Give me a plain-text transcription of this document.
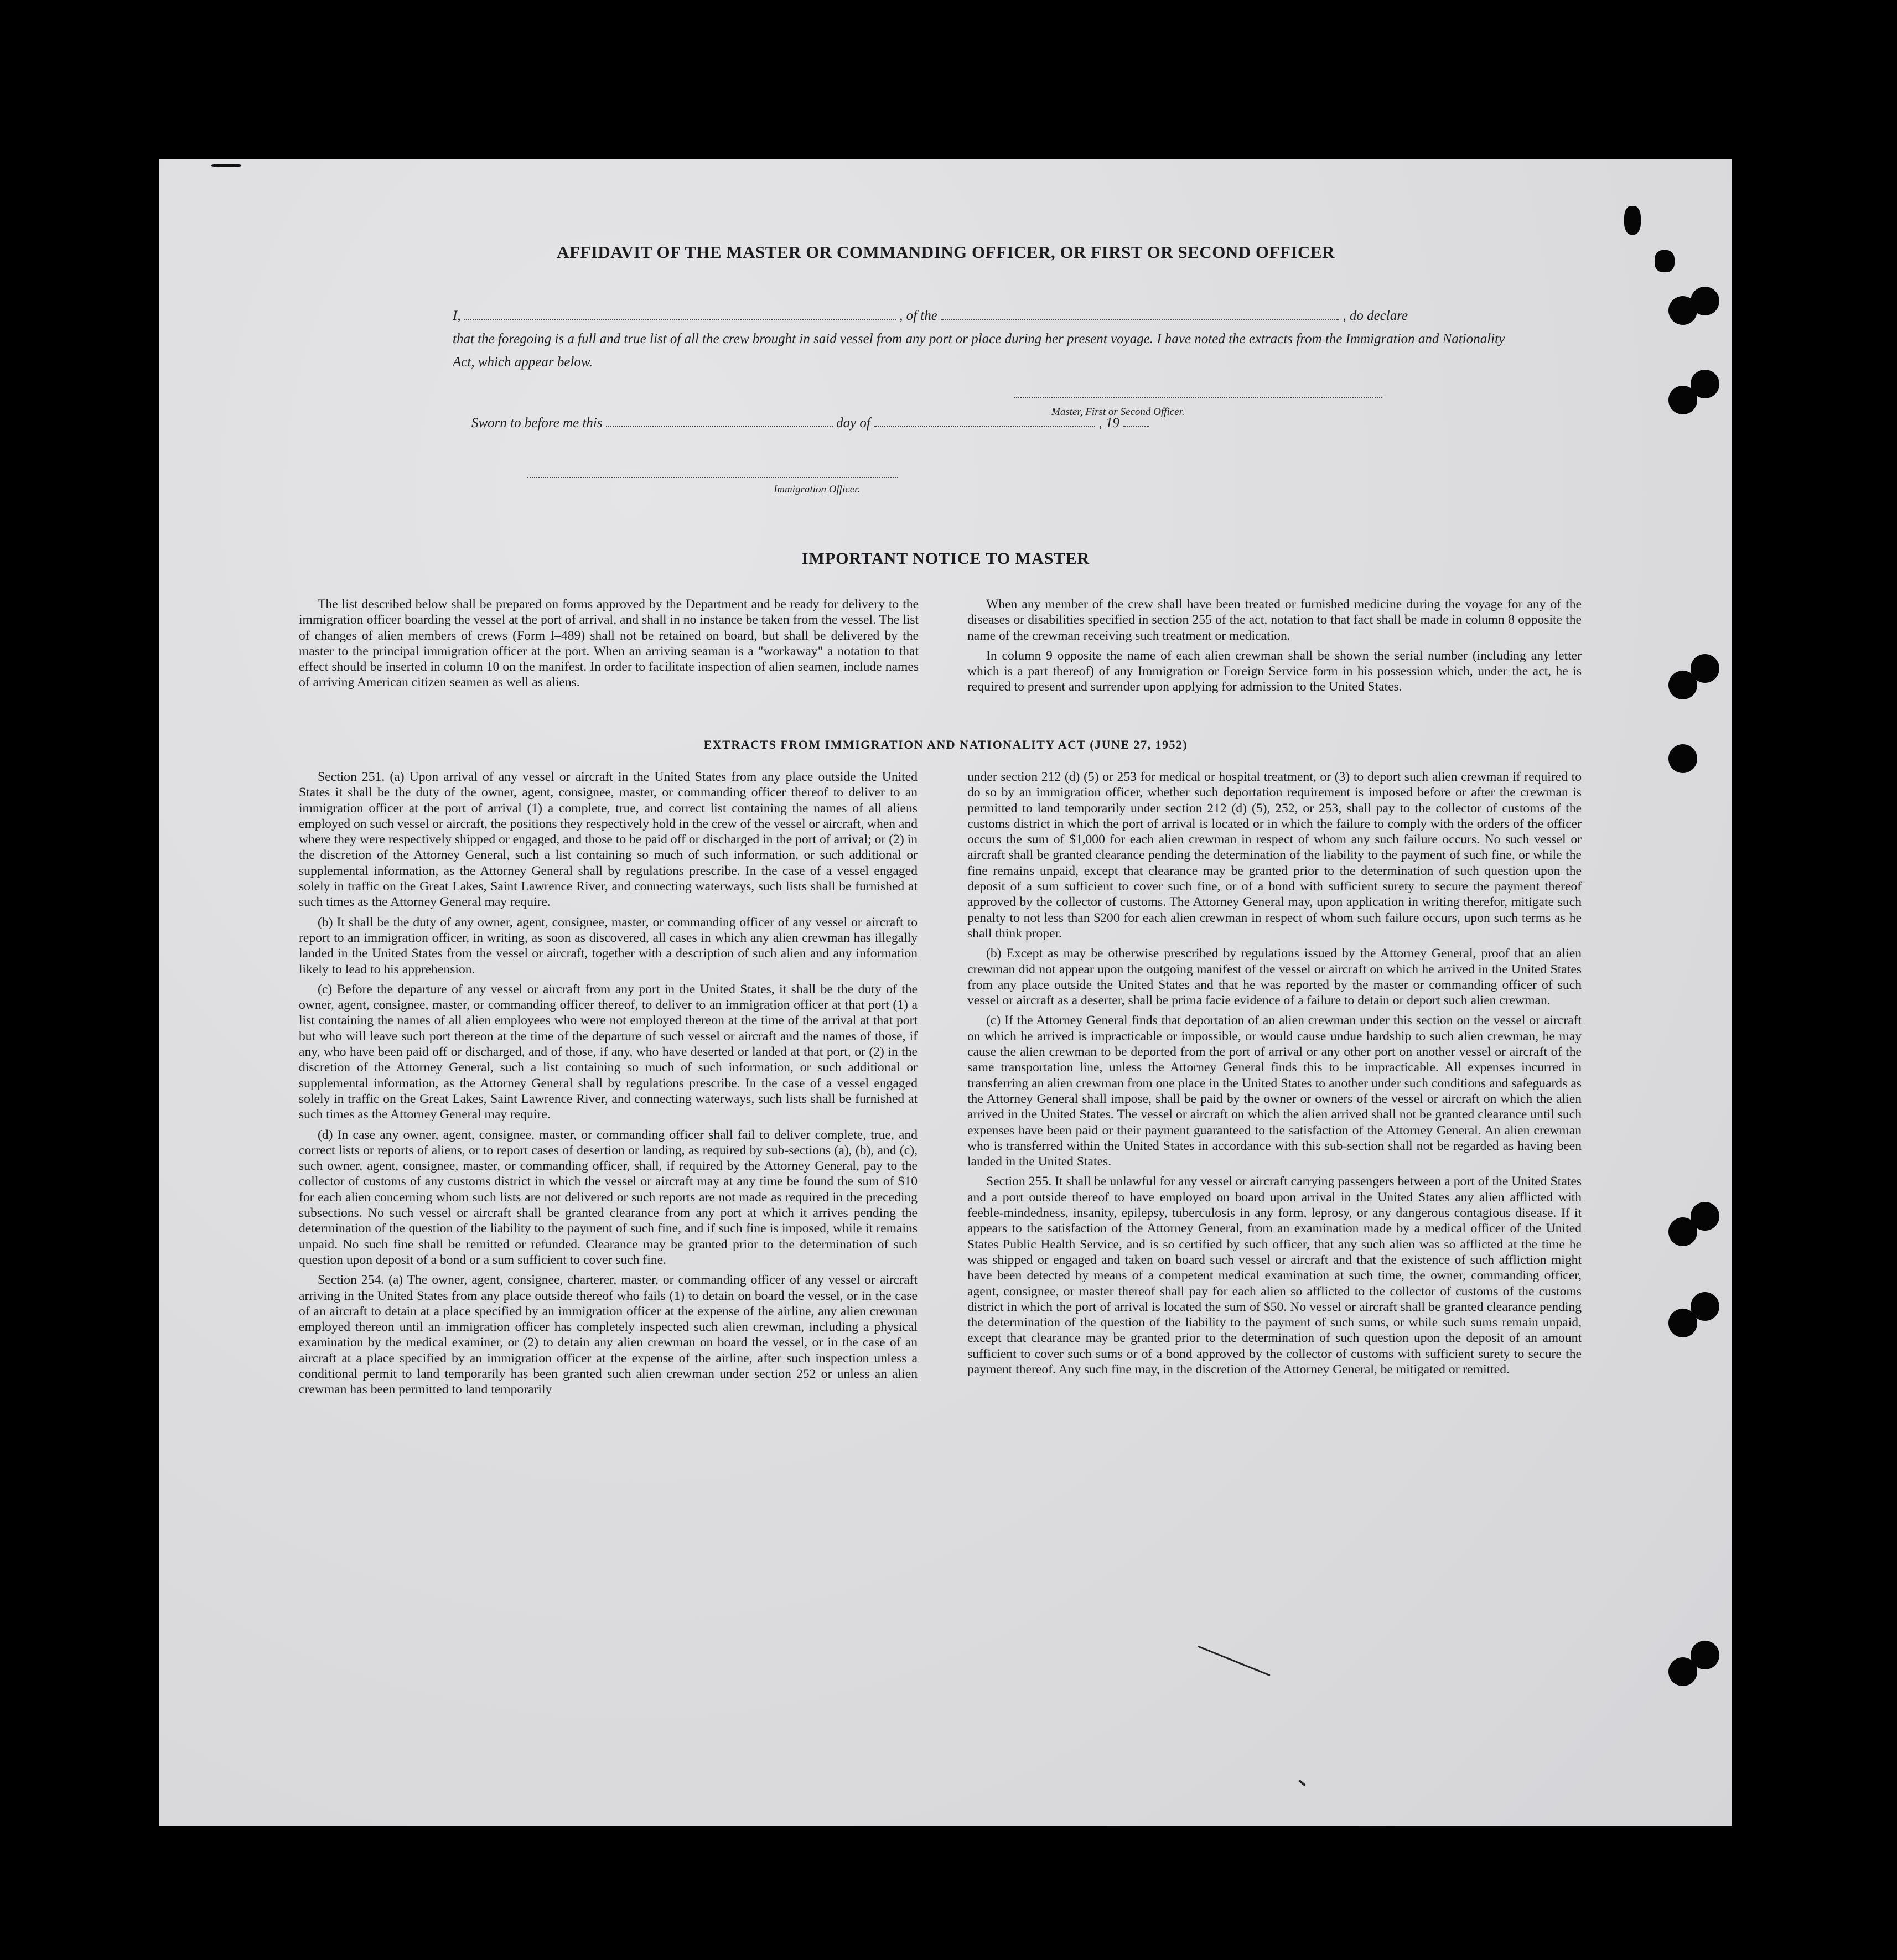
AFFIDAVIT OF THE MASTER OR COMMANDING OFFICER, OR FIRST OR SECOND OFFICER
I,	, of the	, do declare
that the foregoing is a full and true list of all the crew brought in said vessel from any port or place during her present voyage. I have noted the extracts from the Immigration and Nationality Act, which appear below.
Master, First or Second Officer.
Sworn to before me this	day of	, 19
Immigration Officer.
IMPORTANT NOTICE TO MASTER

The list described below shall be prepared on forms approved by the Department and be ready for delivery to the immigration officer boarding the vessel at the port of arrival, and shall in no instance be taken from the vessel. The list of changes of alien members of crews (Form I–489) shall not be retained on board, but shall be delivered by the master to the principal immigration officer at the port. When an arriving seaman is a "workaway" a notation to that effect should be inserted in column 10 on the manifest. In order to facilitate inspection of alien seamen, include names of arriving American citizen seamen as well as aliens.

When any member of the crew shall have been treated or furnished medicine during the voyage for any of the diseases or disabilities specified in section 255 of the act, notation to that fact shall be made in column 8 opposite the name of the crewman receiving such treatment or medication.

In column 9 opposite the name of each alien crewman shall be shown the serial number (including any letter which is a part thereof) of any Immigration or Foreign Service form in his possession which, under the act, he is required to present and surrender upon applying for admission to the United States.

EXTRACTS FROM IMMIGRATION AND NATIONALITY ACT (JUNE 27, 1952)

Section 251. (a) Upon arrival of any vessel or aircraft in the United States from any place outside the United States it shall be the duty of the owner, agent, consignee, master, or commanding officer thereof to deliver to an immigration officer at the port of arrival (1) a complete, true, and correct list containing the names of all aliens employed on such vessel or aircraft, the positions they respectively hold in the crew of the vessel or aircraft, when and where they were respectively shipped or engaged, and those to be paid off or discharged in the port of arrival; or (2) in the discretion of the Attorney General, such a list containing so much of such information, or such additional or supplemental information, as the Attorney General shall by regulations prescribe. In the case of a vessel engaged solely in traffic on the Great Lakes, Saint Lawrence River, and connecting waterways, such lists shall be furnished at such times as the Attorney General may require.

(b) It shall be the duty of any owner, agent, consignee, master, or commanding officer of any vessel or aircraft to report to an immigration officer, in writing, as soon as discovered, all cases in which any alien crewman has illegally landed in the United States from the vessel or aircraft, together with a description of such alien and any information likely to lead to his apprehension.

(c) Before the departure of any vessel or aircraft from any port in the United States, it shall be the duty of the owner, agent, consignee, master, or commanding officer thereof, to deliver to an immigration officer at that port (1) a list containing the names of all alien employees who were not employed thereon at the time of the arrival at that port but who will leave such port thereon at the time of the departure of such vessel or aircraft and the names of those, if any, who have been paid off or discharged, and of those, if any, who have deserted or landed at that port, or (2) in the discretion of the Attorney General, such a list containing so much of such information, or such additional or supplemental information, as the Attorney General shall by regulations prescribe. In the case of a vessel engaged solely in traffic on the Great Lakes, Saint Lawrence River, and connecting waterways, such lists shall be furnished at such times as the Attorney General may require.

(d) In case any owner, agent, consignee, master, or commanding officer shall fail to deliver complete, true, and correct lists or reports of aliens, or to report cases of desertion or landing, as required by sub-sections (a), (b), and (c), such owner, agent, consignee, master, or commanding officer, shall, if required by the Attorney General, pay to the collector of customs of any customs district in which the vessel or aircraft may at any time be found the sum of $10 for each alien concerning whom such lists are not delivered or such reports are not made as required in the preceding subsections. No such vessel or aircraft shall be granted clearance from any port at which it arrives pending the determination of the question of the liability to the payment of such fine, and if such fine is imposed, while it remains unpaid. No such fine shall be remitted or refunded. Clearance may be granted prior to the determination of such question upon deposit of a bond or a sum sufficient to cover such fine.

Section 254. (a) The owner, agent, consignee, charterer, master, or commanding officer of any vessel or aircraft arriving in the United States from any place outside thereof who fails (1) to detain on board the vessel, or in the case of an aircraft to detain at a place specified by an immigration officer at the expense of the airline, any alien crewman employed thereon until an immigration officer has completely inspected such alien crewman, including a physical examination by the medical examiner, or (2) to detain any alien crewman on board the vessel, or in the case of an aircraft at a place specified by an immigration officer at the expense of the airline, after such inspection unless a conditional permit to land temporarily has been granted such alien crewman under section 252 or unless an alien crewman has been permitted to land temporarily

under section 212 (d) (5) or 253 for medical or hospital treatment, or (3) to deport such alien crewman if required to do so by an immigration officer, whether such deportation requirement is imposed before or after the crewman is permitted to land temporarily under section 212 (d) (5), 252, or 253, shall pay to the collector of customs of the customs district in which the port of arrival is located or in which the failure to comply with the orders of the officer occurs the sum of $1,000 for each alien crewman in respect of whom any such failure occurs. No such vessel or aircraft shall be granted clearance pending the determination of the liability to the payment of such fine, or while the fine remains unpaid, except that clearance may be granted prior to the determination of such question upon the deposit of a sum sufficient to cover such fine, or of a bond with sufficient surety to secure the payment thereof approved by the collector of customs. The Attorney General may, upon application in writing therefor, mitigate such penalty to not less than $200 for each alien crewman in respect of whom such failure occurs, upon such terms as he shall think proper.

(b) Except as may be otherwise prescribed by regulations issued by the Attorney General, proof that an alien crewman did not appear upon the outgoing manifest of the vessel or aircraft on which he arrived in the United States from any place outside the United States and that he was reported by the master or commanding officer of such vessel or aircraft as a deserter, shall be prima facie evidence of a failure to detain or deport such alien crewman.

(c) If the Attorney General finds that deportation of an alien crewman under this section on the vessel or aircraft on which he arrived is impracticable or impossible, or would cause undue hardship to such alien crewman, he may cause the alien crewman to be deported from the port of arrival or any other port on another vessel or aircraft of the same transportation line, unless the Attorney General finds this to be impracticable. All expenses incurred in transferring an alien crewman from one place in the United States to another under such conditions and safeguards as the Attorney General shall impose, shall be paid by the owner or owners of the vessel or aircraft on which the alien arrived in the United States. The vessel or aircraft on which the alien arrived shall not be granted clearance until such expenses have been paid or their payment guaranteed to the satisfaction of the Attorney General. An alien crewman who is transferred within the United States in accordance with this sub-section shall not be regarded as having been landed in the United States.

Section 255. It shall be unlawful for any vessel or aircraft carrying passengers between a port of the United States and a port outside thereof to have employed on board upon arrival in the United States any alien afflicted with feeble-mindedness, insanity, epilepsy, tuberculosis in any form, leprosy, or any dangerous contagious disease. If it appears to the satisfaction of the Attorney General, from an examination made by a medical officer of the United States Public Health Service, and is so certified by such officer, that any such alien was so afflicted at the time he was shipped or engaged and taken on board such vessel or aircraft and that the existence of such affliction might have been detected by means of a competent medical examination at such time, the owner, commanding officer, agent, consignee, or master thereof shall pay for each alien so afflicted to the collector of customs of the customs district in which the port of arrival is located the sum of $50. No vessel or aircraft shall be granted clearance pending the determination of the question of the liability to the payment of such sums, or while such sums remain unpaid, except that clearance may be granted prior to the determination of such question upon the deposit of an amount sufficient to cover such sums or of a bond approved by the collector of customs with sufficient surety to secure the payment thereof. Any such fine may, in the discretion of the Attorney General, be mitigated or remitted.
